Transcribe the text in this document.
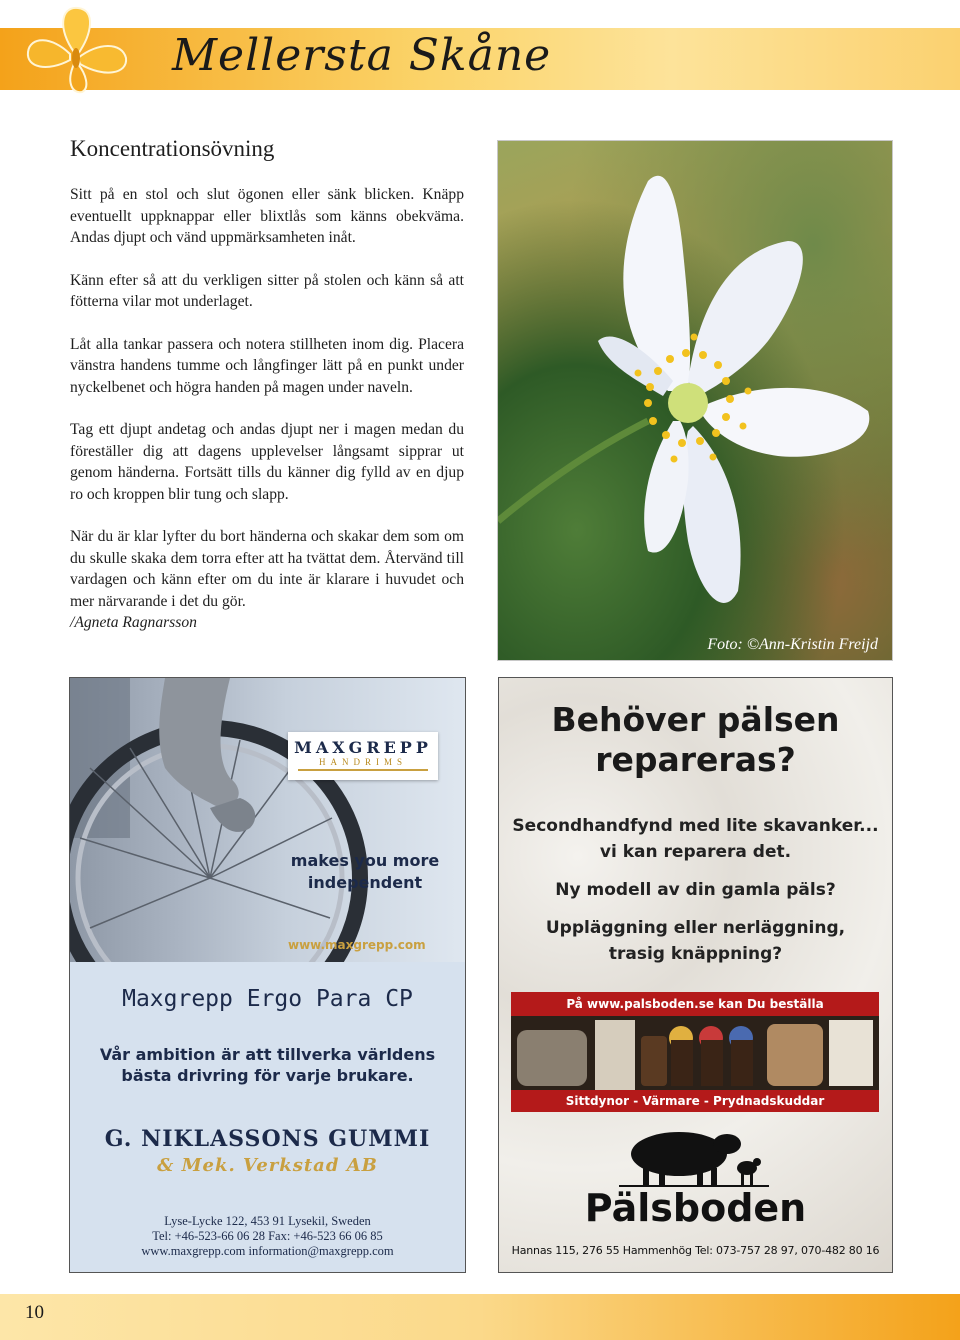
Mellersta Skåne
Koncentrationsövning

Sitt på en stol och slut ögonen eller sänk blicken. Knäpp eventuellt uppknappar eller blixtlås som känns obekväma. Andas djupt och vänd uppmärksamheten inåt.

Känn efter så att du verkligen sitter på stolen och känn så att fötterna vilar mot underlaget.

Låt alla tankar passera och notera stillheten inom dig. Placera vänstra handens tumme och långfinger lätt på en punkt under nyckelbenet och högra handen på magen under naveln.

Tag ett djupt andetag och andas djupt ner i magen medan du föreställer dig att dagens upplevelser långsamt sipprar ut genom händerna. Fortsätt tills du känner dig fylld av en djup ro och kroppen blir tung och slapp.

När du är klar lyfter du bort händerna och skakar dem som om du skulle skaka dem torra efter att ha tvättat dem. Återvänd till vardagen och känn efter om du inte är klarare i huvudet och mer närvarande i det du gör.

/Agneta Ragnarsson

Foto: ©Ann-Kristin Freijd
MAXGREPP
HANDRIMS
makes you more
independent
www.maxgrepp.com
Maxgrepp Ergo Para CP
Vår ambition är att tillverka världens
bästa drivring för varje brukare.
G. NIKLASSONS GUMMI
& Mek. Verkstad AB
Lyse-Lycke 122, 453 91 Lysekil, Sweden
Tel: +46-523-66 06 28 Fax: +46-523 66 06 85
www.maxgrepp.com information@maxgrepp.com
Behöver pälsen
repareras?
Secondhandfynd med lite skavanker...
vi kan reparera det.
Ny modell av din gamla päls?
Uppläggning eller nerläggning,
trasig knäppning?
På www.palsboden.se kan Du beställa
Sittdynor - Värmare - Prydnadskuddar
Pälsboden
Hannas 115, 276 55 Hammenhög Tel: 073-757 28 97, 070-482 80 16
10
